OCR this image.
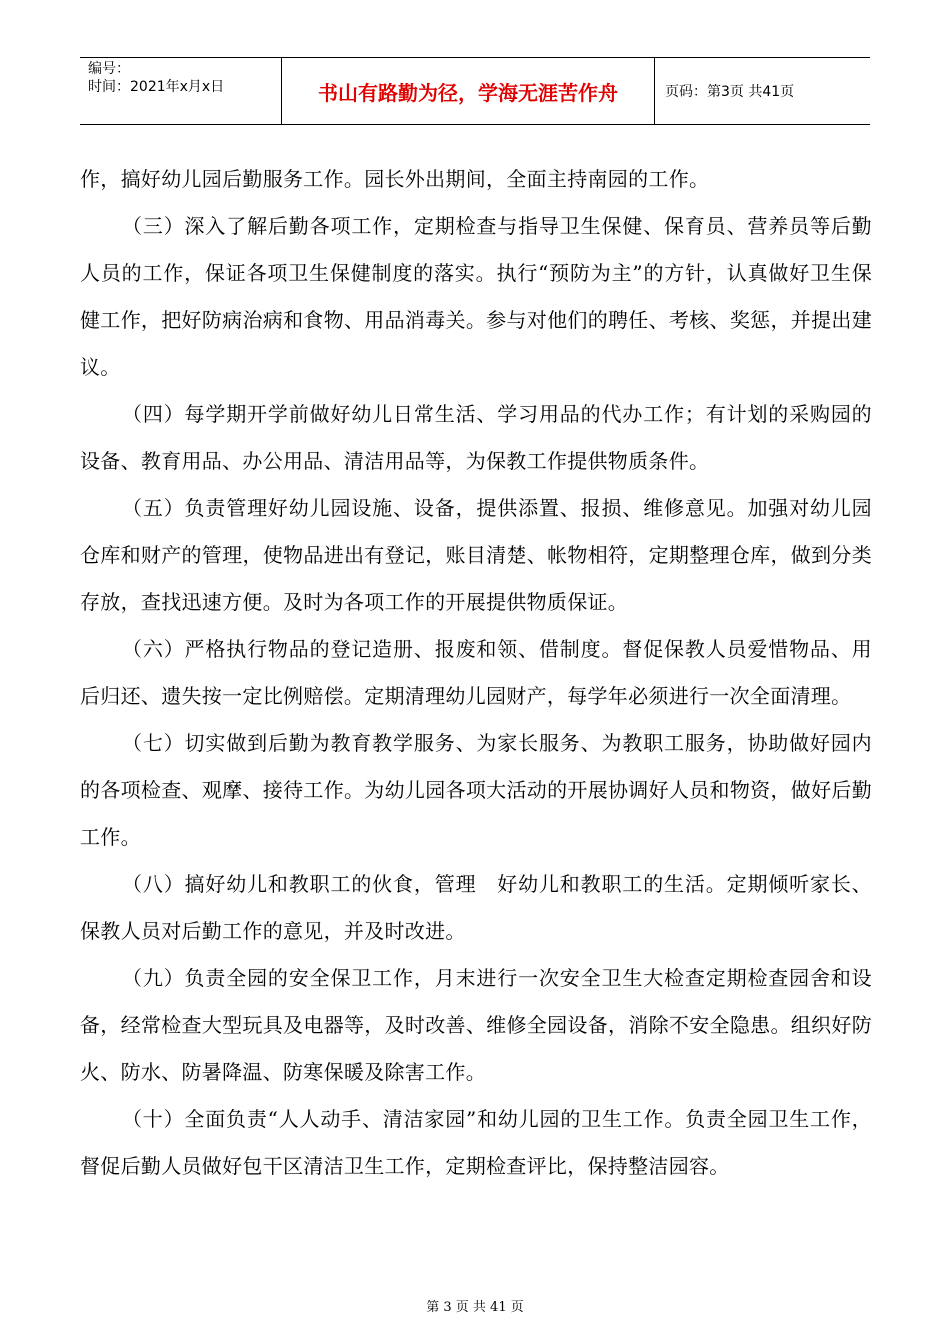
编号：
时间：2021年x月x日	书山有路勤为径，学海无涯苦作舟	页码：第3页 共41页

作，搞好幼儿园后勤服务工作。园长外出期间，全面主持南园的工作。

（三）深入了解后勤各项工作，定期检查与指导卫生保健、保育员、营养员等后勤人员的工作，保证各项卫生保健制度的落实。执行“预防为主”的方针，认真做好卫生保健工作，把好防病治病和食物、用品消毒关。参与对他们的聘任、考核、奖惩，并提出建议。

（四）每学期开学前做好幼儿日常生活、学习用品的代办工作；有计划的采购园的设备、教育用品、办公用品、清洁用品等，为保教工作提供物质条件。

（五）负责管理好幼儿园设施、设备，提供添置、报损、维修意见。加强对幼儿园仓库和财产的管理，使物品进出有登记，账目清楚、帐物相符，定期整理仓库，做到分类存放，查找迅速方便。及时为各项工作的开展提供物质保证。

（六）严格执行物品的登记造册、报废和领、借制度。督促保教人员爱惜物品、用后归还、遗失按一定比例赔偿。定期清理幼儿园财产，每学年必须进行一次全面清理。

（七）切实做到后勤为教育教学服务、为家长服务、为教职工服务，协助做好园内的各项检查、观摩、接待工作。为幼儿园各项大活动的开展协调好人员和物资，做好后勤工作。

（八）搞好幼儿和教职工的伙食，管理　好幼儿和教职工的生活。定期倾听家长、保教人员对后勤工作的意见，并及时改进。

（九）负责全园的安全保卫工作，月末进行一次安全卫生大检查定期检查园舍和设备，经常检查大型玩具及电器等，及时改善、维修全园设备，消除不安全隐患。组织好防火、防水、防暑降温、防寒保暖及除害工作。

（十）全面负责“人人动手、清洁家园”和幼儿园的卫生工作。负责全园卫生工作，督促后勤人员做好包干区清洁卫生工作，定期检查评比，保持整洁园容。

第 3 页 共 41 页
